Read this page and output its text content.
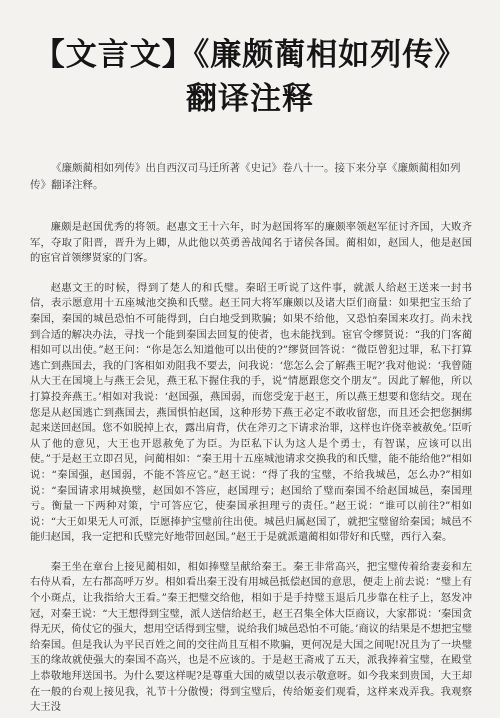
【文言文】《廉颇蔺相如列传》
翻译注释
《廉颇蔺相如列传》出自西汉司马迁所著《史记》卷八十一。接下来分享《廉颇蔺相如列传》翻译注释。

廉颇是赵国优秀的将领。赵惠文王十六年，时为赵国将军的廉颇率领赵军征讨齐国，大败齐军，夺取了阳晋，晋升为上卿，从此他以英勇善战闻名于诸侯各国。蔺相如，赵国人，他是赵国的宦官首领缪贤家的门客。

赵惠文王的时候，得到了楚人的和氏璧。秦昭王听说了这件事，就派人给赵王送来一封书信，表示愿意用十五座城池交换和氏璧。赵王同大将军廉颇以及诸大臣们商量：如果把宝玉给了秦国，秦国的城邑恐怕不可能得到，白白地受到欺骗；如果不给他，又恐怕秦国来攻打。尚未找到合适的解决办法，寻找一个能到秦国去回复的使者，也未能找到。宦官令缪贤说：“我的门客蔺相如可以出使。”赵王问：“你是怎么知道他可以出使的?”缪贤回答说：“微臣曾犯过罪，私下打算逃亡到燕国去，我的门客相如劝阻我不要去，问我说：‘您怎么会了解燕王呢?’我对他说：‘我曾随从大王在国境上与燕王会见，燕王私下握住我的手，说“情愿跟您交个朋友”。因此了解他，所以打算投奔燕王。’相如对我说：‘赵国强，燕国弱，而您受宠于赵王，所以燕王想要和您结交。现在您是从赵国逃亡到燕国去，燕国惧怕赵国，这种形势下燕王必定不敢收留您，而且还会把您捆绑起来送回赵国。您不如脱掉上衣，露出肩背，伏在斧刃之下请求治罪，这样也许侥幸被赦免。’臣听从了他的意见，大王也开恩赦免了为臣。为臣私下认为这人是个勇士，有智谋，应该可以出使。”于是赵王立即召见，问蔺相如：“秦王用十五座城池请求交换我的和氏璧，能不能给他?”相如说：“秦国强，赵国弱，不能不答应它。”赵王说：“得了我的宝璧，不给我城邑，怎么办?”相如说：“秦国请求用城换璧，赵国如不答应，赵国理亏；赵国给了璧而秦国不给赵国城邑，秦国理亏。衡量一下两种对策，宁可答应它，使秦国承担理亏的责任。”赵王说：“谁可以前往?”相如说：“大王如果无人可派，臣愿捧护宝璧前往出使。城邑归属赵国了，就把宝璧留给秦国；城邑不能归赵国，我一定把和氏璧完好地带回赵国。”赵王于是就派遣蔺相如带好和氏璧，西行入秦。

秦王坐在章台上接见蔺相如，相如捧璧呈献给秦王。秦王非常高兴，把宝璧传着给妻妾和左右侍从看，左右都高呼万岁。相如看出秦王没有用城邑抵偿赵国的意思，便走上前去说：“璧上有个小斑点，让我指给大王看。”秦王把璧交给他，相如于是手持璧玉退后几步靠在柱子上，怒发冲冠，对秦王说：“大王想得到宝璧，派人送信给赵王，赵王召集全体大臣商议，大家都说：‘秦国贪得无厌，倚仗它的强大，想用空话得到宝璧，说给我们城邑恐怕不可能。’商议的结果是不想把宝璧给秦国。但是我认为平民百姓之间的交往尚且互相不欺骗，更何况是大国之间呢!况且为了一块璧玉的缘故就使强大的秦国不高兴，也是不应该的。于是赵王斋戒了五天，派我捧着宝璧，在殿堂上恭敬地拜送国书。为什么要这样呢?是尊重大国的威望以表示敬意呀。如今我来到贵国，大王却在一般的台观上接见我，礼节十分傲慢；得到宝璧后，传给姬妾们观看，这样来戏弄我。我观察大王没
